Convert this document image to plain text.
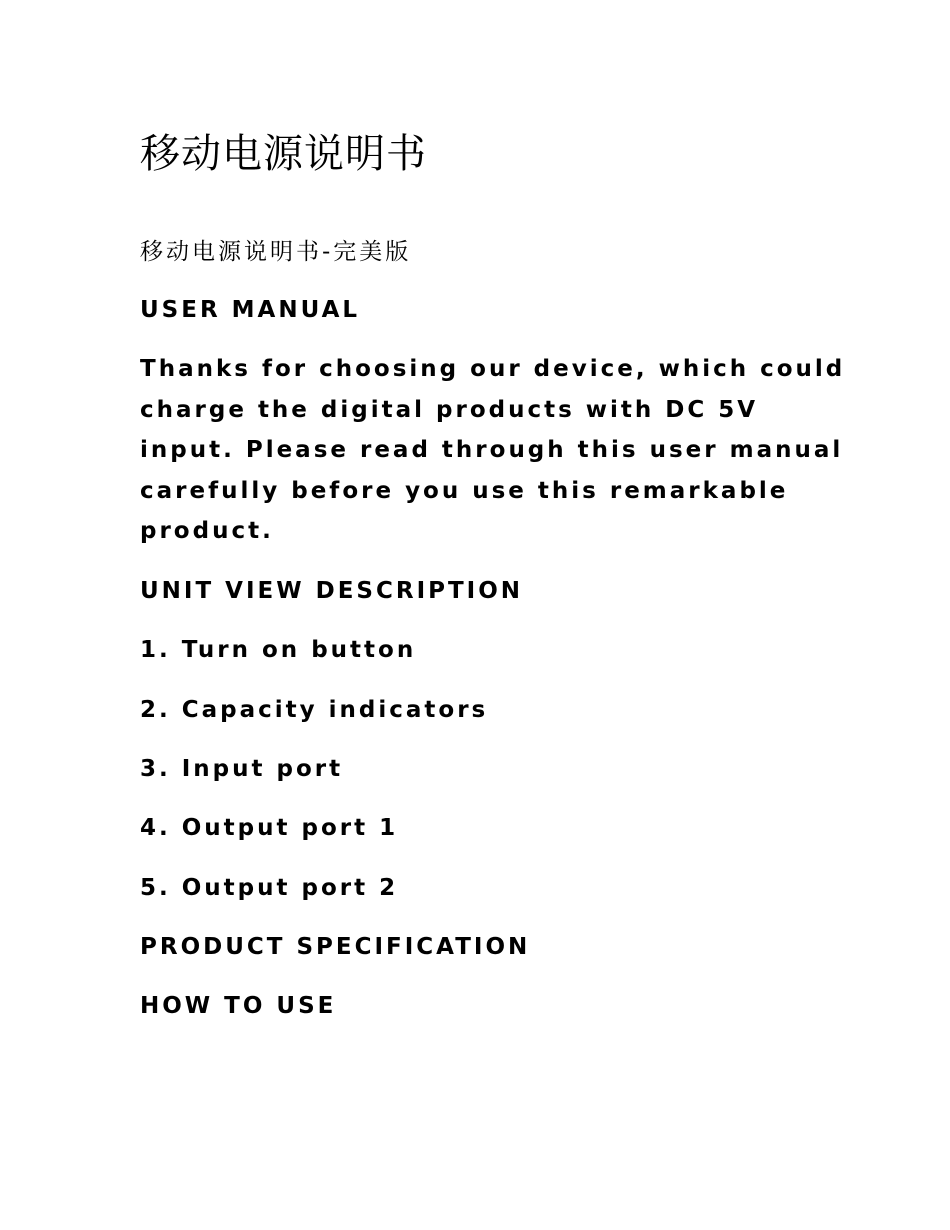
移动电源说明书

移动电源说明书-完美版

USER MANUAL

Thanks for choosing our device, which could
charge the digital products with DC 5V
input. Please read through this user manual
carefully before you use this remarkable
product.

UNIT VIEW DESCRIPTION

1. Turn on button

2. Capacity indicators

3. Input port

4. Output port 1

5. Output port 2

PRODUCT SPECIFICATION

HOW TO USE
